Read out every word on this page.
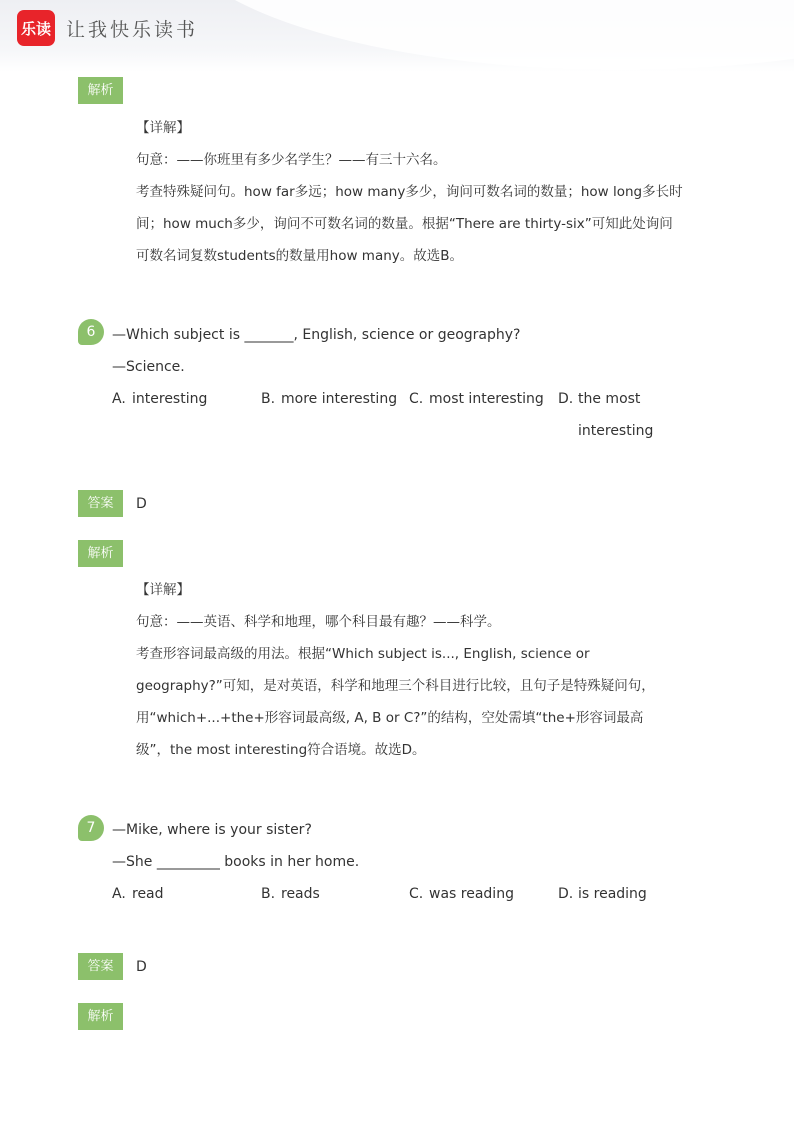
乐读 让我快乐读书
解析
【详解】
句意：——你班里有多少名学生？——有三十六名。
考查特殊疑问句。how far多远；how many多少，询问可数名词的数量；how long多长时
间；how much多少，询问不可数名词的数量。根据“There are thirty-six”可知此处询问
可数名词复数students的数量用how many。故选B。
6	—Which subject is _______, English, science or geography?
—Science.
A. interesting	B. more interesting C. most interesting D. the most
interesting
答案	D
解析
【详解】
句意：——英语、科学和地理，哪个科目最有趣？——科学。
考查形容词最高级的用法。根据“Which subject is..., English, science or
geography?”可知，是对英语，科学和地理三个科目进行比较，且句子是特殊疑问句，
用“which+...+the+形容词最高级, A, B or C?”的结构，空处需填“the+形容词最高
级”，the most interesting符合语境。故选D。
7	—Mike, where is your sister?
—She _________ books in her home.
A. read	B. reads	C. was reading	D. is reading
答案	D
解析
